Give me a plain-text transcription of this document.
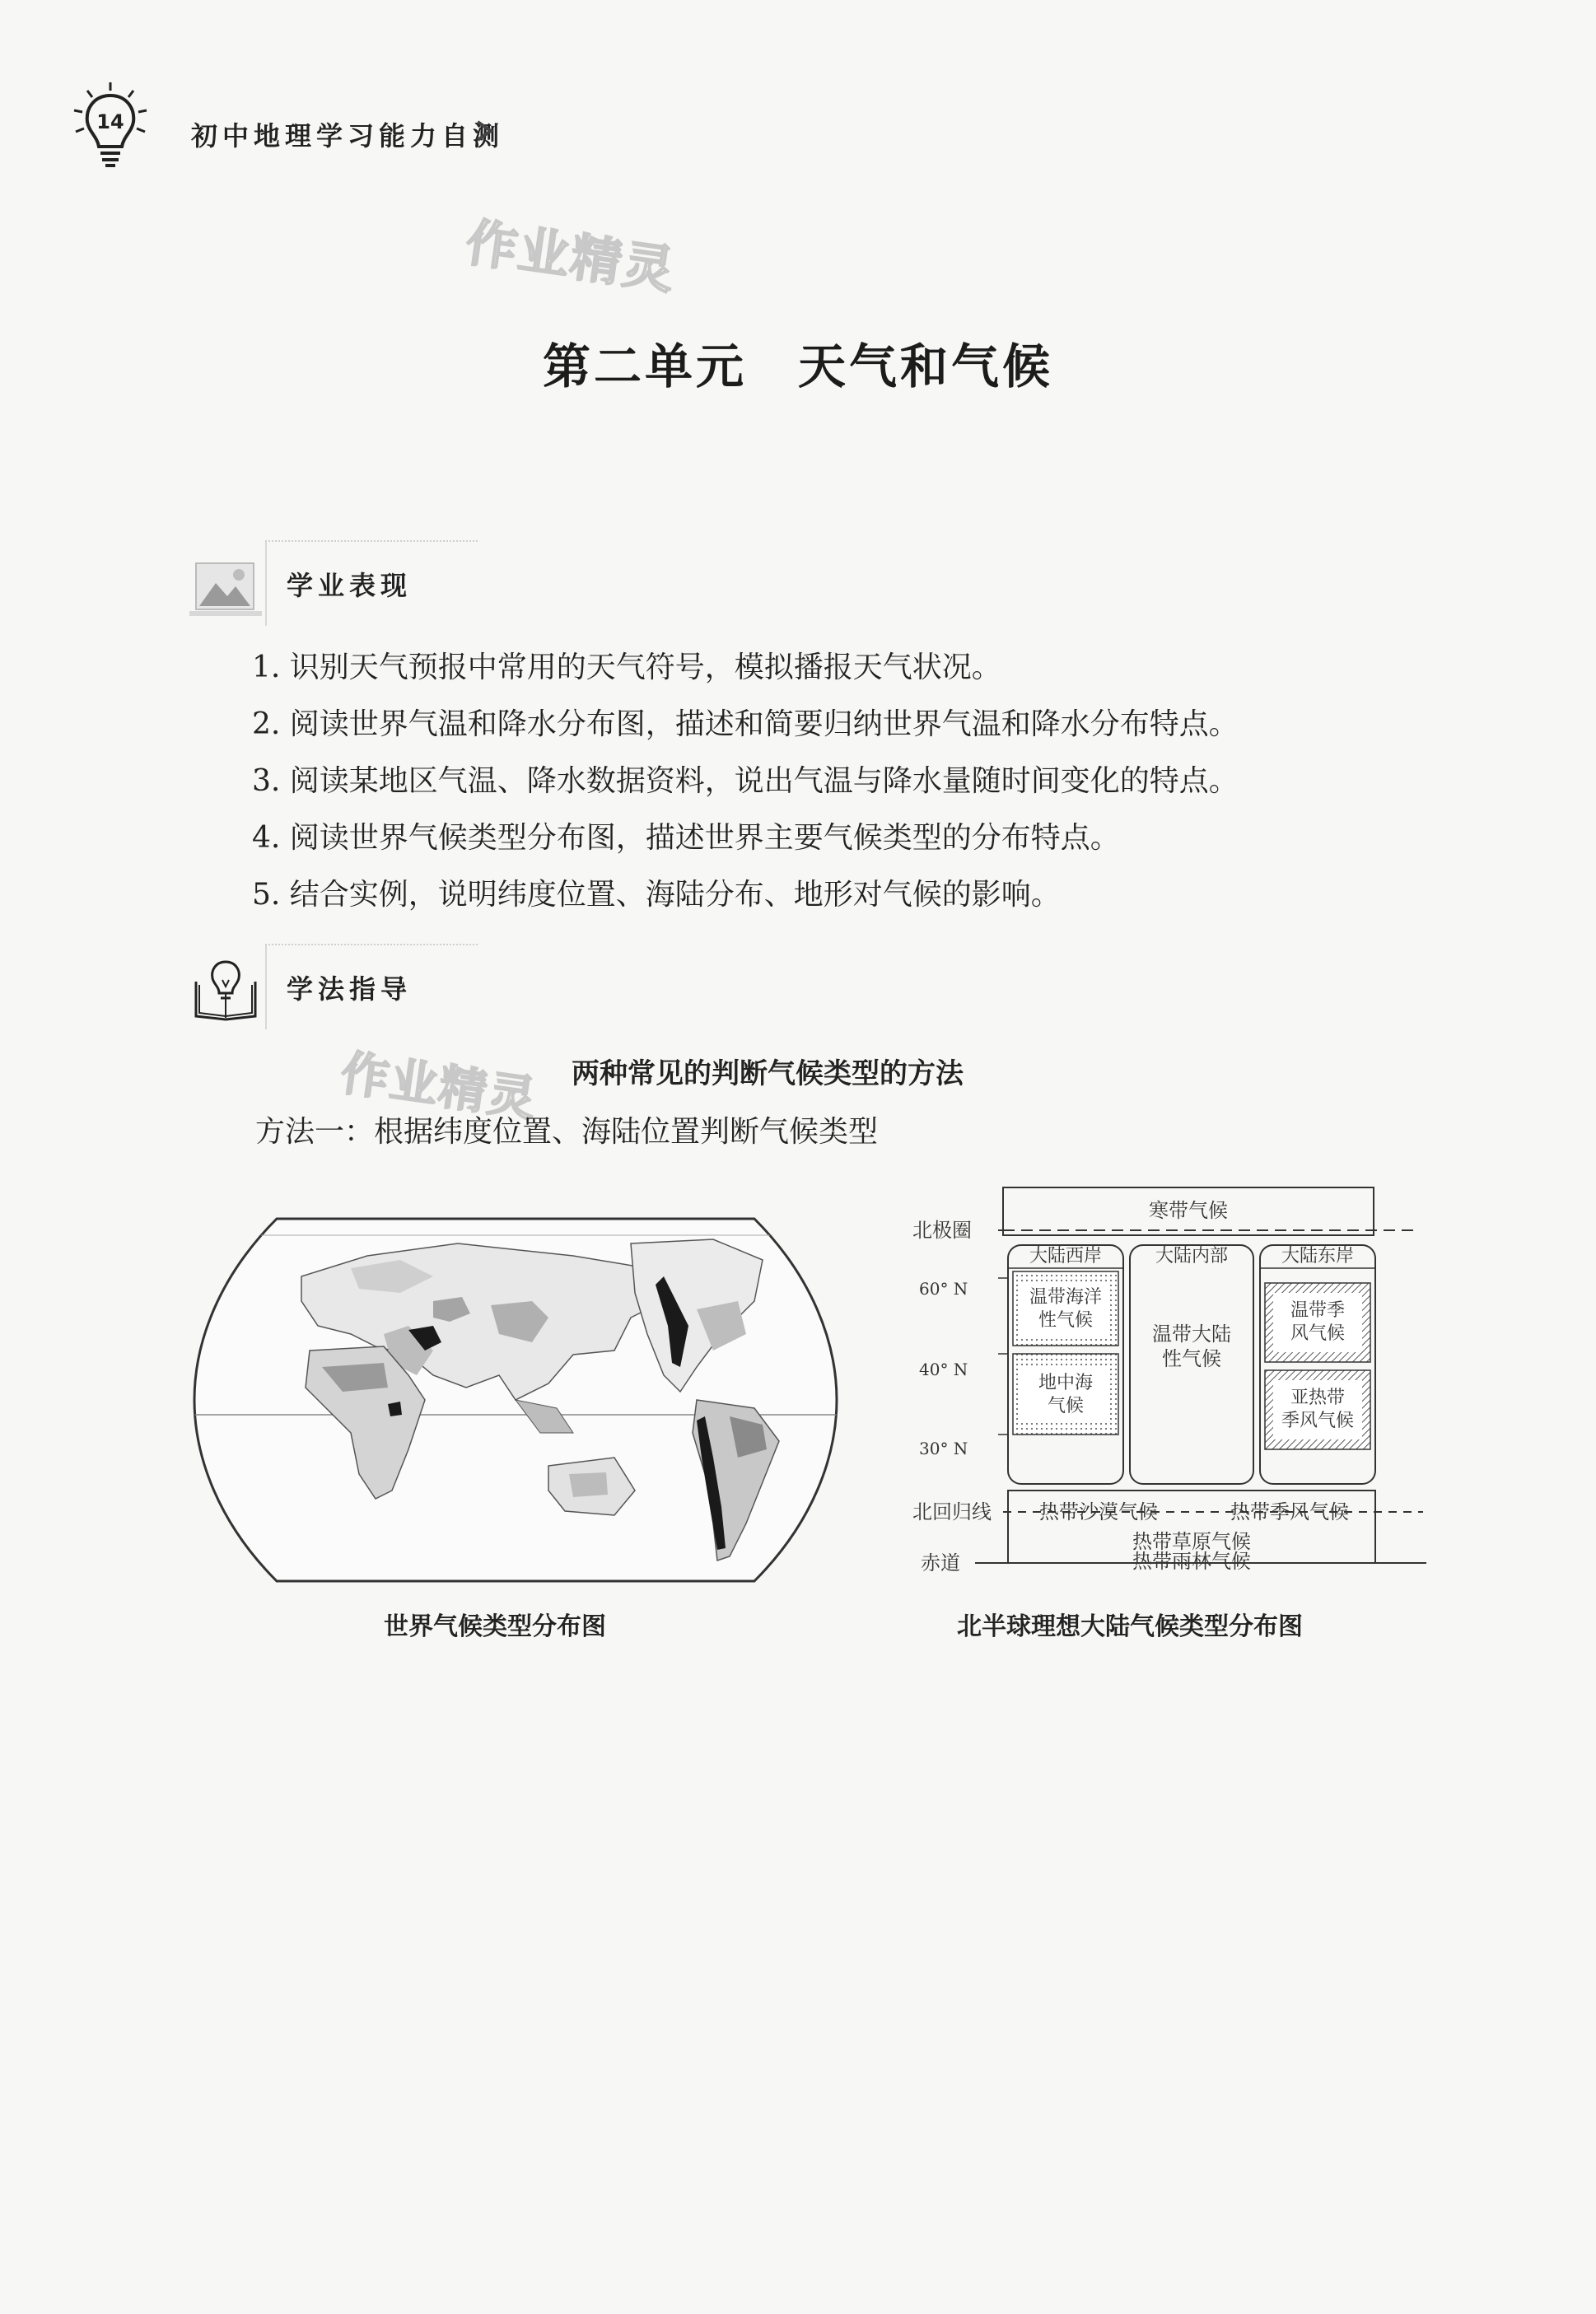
14	初中地理学习能力自测
作业精灵
第二单元　天气和气候
学业表现
1. 识别天气预报中常用的天气符号，模拟播报天气状况。
2. 阅读世界气温和降水分布图，描述和简要归纳世界气温和降水分布特点。
3. 阅读某地区气温、降水数据资料，说出气温与降水量随时间变化的特点。
4. 阅读世界气候类型分布图，描述世界主要气候类型的分布特点。
5. 结合实例，说明纬度位置、海陆分布、地形对气候的影响。
学法指导
作业精灵 两种常见的判断气候类型的方法
方法一：根据纬度位置、海陆位置判断气候类型
世界气候类型分布图
寒带气候
北极圈
大陆西岸	大陆内部	大陆东岸
温带海洋
性气候
地中海
气候
温带大陆
性气候
温带季
风气候
亚热带
季风气候
60° N
40° N
30° N
北回归线 热带沙漠气候	热带季风气候
热带草原气候
赤道	热带雨林气候
北半球理想大陆气候类型分布图
